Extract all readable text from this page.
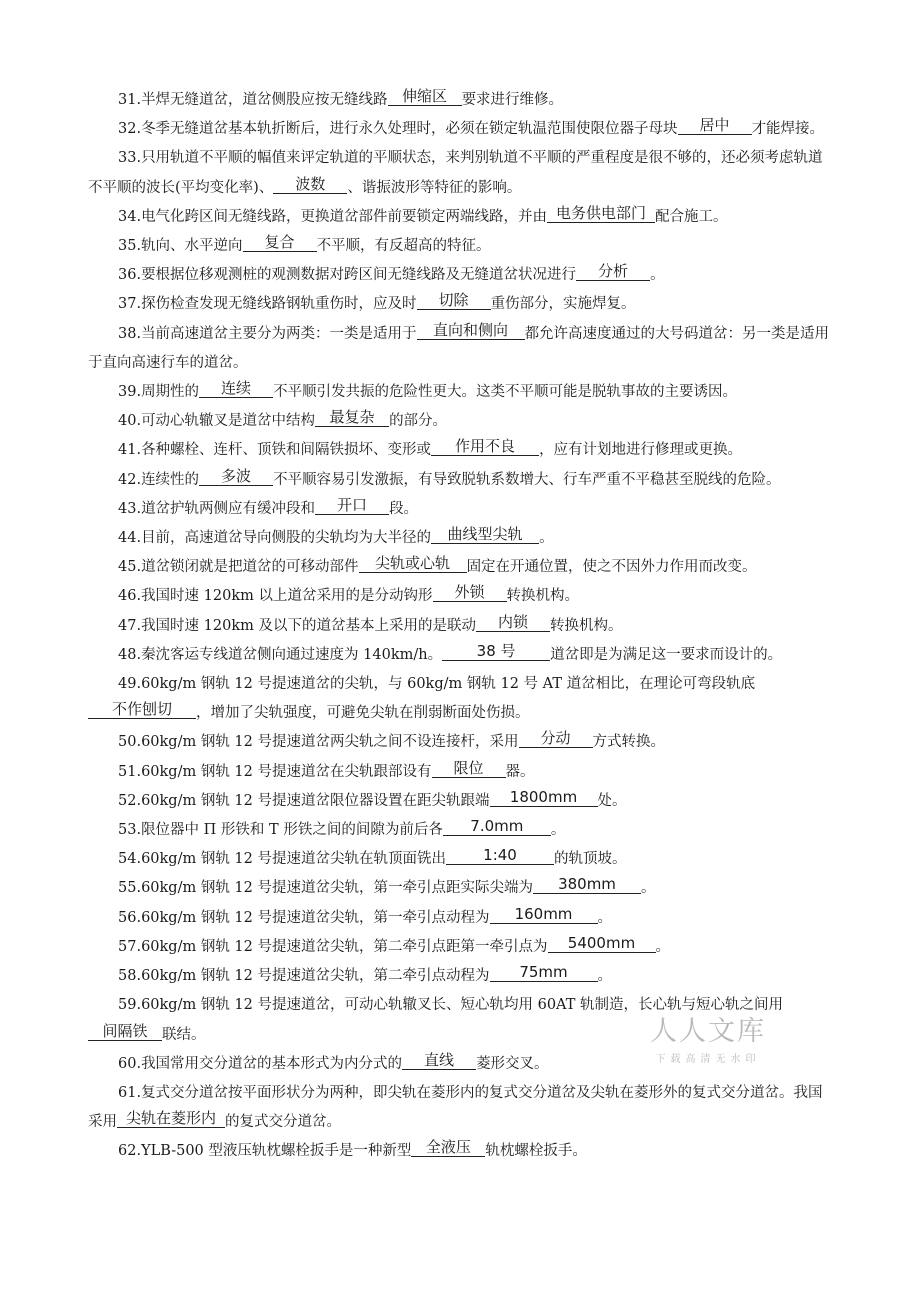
31.半焊无缝道岔，道岔侧股应按无缝线路 伸缩区 要求进行维修。

32.冬季无缝道岔基本轨折断后，进行永久处理时，必须在锁定轨温范围使限位器子母块 居中 才能焊接。

33.只用轨道不平顺的幅值来评定轨道的平顺状态，来判别轨道不平顺的严重程度是很不够的，还必须考虑轨道不平顺的波长(平均变化率)、 波数 、谐振波形等特征的影响。

34.电气化跨区间无缝线路，更换道岔部件前要锁定两端线路，并由 电务供电部门 配合施工。

35.轨向、水平逆向 复合 不平顺，有反超高的特征。

36.要根据位移观测桩的观测数据对跨区间无缝线路及无缝道岔状况进行 分析 。

37.探伤检查发现无缝线路钢轨重伤时，应及时 切除 重伤部分，实施焊复。

38.当前高速道岔主要分为两类：一类是适用于 直向和侧向 都允许高速度通过的大号码道岔：另一类是适用于直向高速行车的道岔。

39.周期性的 连续 不平顺引发共振的危险性更大。这类不平顺可能是脱轨事故的主要诱因。

40.可动心轨辙叉是道岔中结构 最复杂 的部分。

41.各种螺栓、连杆、顶铁和间隔铁损坏、变形或 作用不良 ，应有计划地进行修理或更换。

42.连续性的 多波 不平顺容易引发激振，有导致脱轨系数增大、行车严重不平稳甚至脱线的危险。

43.道岔护轨两侧应有缓冲段和 开口 段。

44.目前，高速道岔导向侧股的尖轨均为大半径的 曲线型尖轨 。

45.道岔锁闭就是把道岔的可移动部件 尖轨或心轨 固定在开通位置，使之不因外力作用而改变。

46.我国时速 120km 以上道岔采用的是分动钩形 外锁 转换机构。

47.我国时速 120km 及以下的道岔基本上采用的是联动 内锁 转换机构。

48.秦沈客运专线道岔侧向通过速度为 140km/h。 38 号 道岔即是为满足这一要求而设计的。

49.60kg/m 钢轨 12 号提速道岔的尖轨，与 60kg/m 钢轨 12 号 AT 道岔相比，在理论可弯段轨底不作刨切 ，增加了尖轨强度，可避免尖轨在削弱断面处伤损。

50.60kg/m 钢轨 12 号提速道岔两尖轨之间不设连接杆，采用 分动 方式转换。

51.60kg/m 钢轨 12 号提速道岔在尖轨跟部设有 限位 器。

52.60kg/m 钢轨 12 号提速道岔限位器设置在距尖轨跟端 1800mm 处。

53.限位器中 Π 形铁和 T 形铁之间的间隙为前后各 7.0mm 。

54.60kg/m 钢轨 12 号提速道岔尖轨在轨顶面铣出 1:40	的轨顶坡。

55.60kg/m 钢轨 12 号提速道岔尖轨，第一牵引点距实际尖端为 380mm 。

56.60kg/m 钢轨 12 号提速道岔尖轨，第一牵引点动程为 160mm 。

57.60kg/m 钢轨 12 号提速道岔尖轨，第二牵引点距第一牵引点为 5400mm 。

58.60kg/m 钢轨 12 号提速道岔尖轨，第二牵引点动程为 75mm 。

59.60kg/m 钢轨 12 号提速道岔，可动心轨辙叉长、短心轨均用 60AT 轨制造，长心轨与短心轨之间用间隔铁 联结。

60.我国常用交分道岔的基本形式为内分式的 直线 菱形交叉。

61.复式交分道岔按平面形状分为两种，即尖轨在菱形内的复式交分道岔及尖轨在菱形外的复式交分道岔。我国采用 尖轨在菱形内 的复式交分道岔。

62.YLB-500 型液压轨枕螺栓扳手是一种新型 全液压 轨枕螺栓扳手。

人人文库
下载高清无水印
